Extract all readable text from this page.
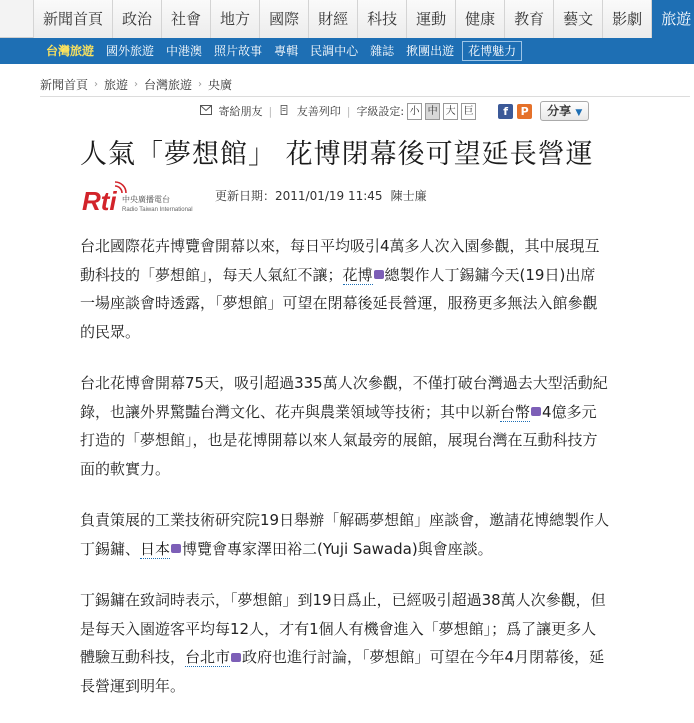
新聞首頁	政治	社會	地方	國際	財經	科技	運動	健康	教育	藝文	影劇	旅遊
台灣旅遊	國外旅遊	中港澳	照片故事	專輯	民調中心	雜誌	揪團出遊	花博魅力
新聞首頁 › 旅遊 › 台灣旅遊 › 央廣
寄給朋友 |	友善列印 | 字級設定: 小 中 大 巨	f	P	分享 ▼
人氣「夢想館」 花博閉幕後可望延長營運
Rti 中央廣播電台
Radio Taiwan International
更新日期：2011/01/19 11:45 陳士廉

台北國際花卉博覽會開幕以來，每日平均吸引4萬多人次入園參觀，其中展現互動科技的「夢想館」，每天人氣紅不讓；花博 總製作人丁錫鏞今天(19日)出席一場座談會時透露，「夢想館」可望在閉幕後延長營運，服務更多無法入館參觀的民眾。

台北花博會開幕75天，吸引超過335萬人次參觀，不僅打破台灣過去大型活動紀錄，也讓外界驚豔台灣文化、花卉與農業領域等技術；其中以新台幣 4億多元打造的「夢想館」，也是花博開幕以來人氣最旁的展館，展現台灣在互動科技方面的軟實力。

負責策展的工業技術研究院19日舉辦「解碼夢想館」座談會，邀請花博總製作人丁錫鏞、日本 博覽會專家澤田裕二(Yuji Sawada)與會座談。

丁錫鏞在致詞時表示，「夢想館」到19日爲止，已經吸引超過38萬人次參觀，但是每天入園遊客平均每12人，才有1個人有機會進入「夢想館」；爲了讓更多人體驗互動科技，台北市 政府也進行討論，「夢想館」可望在今年4月閉幕後，延長營運到明年。
